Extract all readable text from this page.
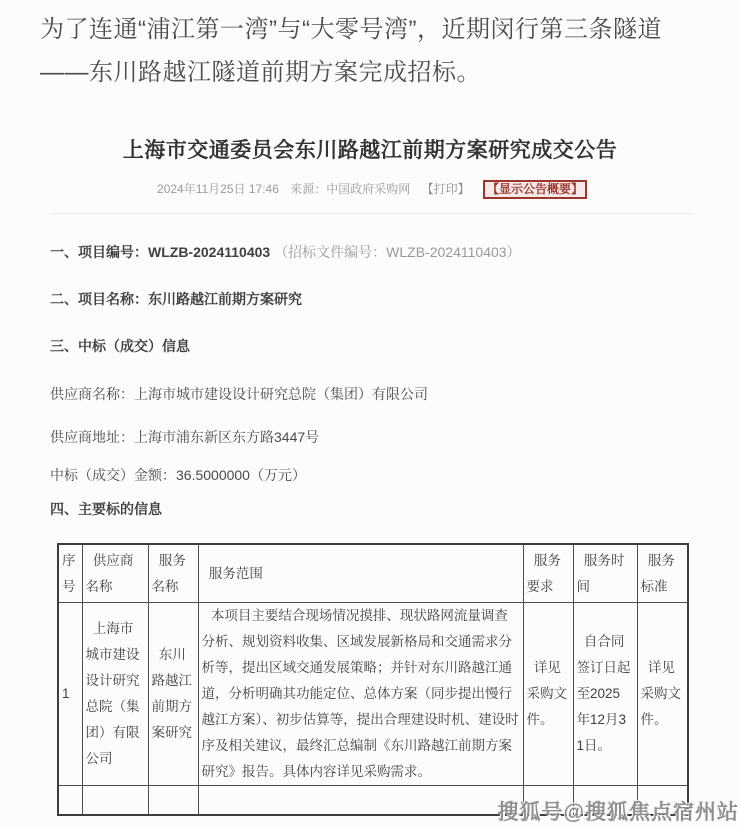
为了连通“浦江第一湾”与“大零号湾”，近期闵行第三条隧道——东川路越江隧道前期方案完成招标。
上海市交通委员会东川路越江前期方案研究成交公告
2024年11月25日 17:46 来源：中国政府采购网 【打印】 【显示公告概要】
一、项目编号：WLZB-2024110403 （招标文件编号：WLZB-2024110403）
二、项目名称：东川路越江前期方案研究
三、中标（成交）信息
供应商名称：上海市城市建设设计研究总院（集团）有限公司
供应商地址：上海市浦东新区东方路3447号
中标（成交）金额：36.5000000（万元）
四、主要标的信息
序号	供应商名称	服务名称	服务范围	服务要求	服务时间	服务标准
1	上海市城市建设设计研究总院（集团）有限公司	东川路越江前期方案研究	本项目主要结合现场情况摸排、现状路网流量调查分析、规划资料收集、区域发展新格局和交通需求分析等，提出区域交通发展策略；并针对东川路越江通道，分析明确其功能定位、总体方案（同步提出慢行越江方案）、初步估算等，提出合理建设时机、建设时序及相关建议，最终汇总编制《东川路越江前期方案研究》报告。具体内容详见采购需求。	详见采购文件。	自合同签订日起至2025年12月31日。	详见采购文件。

搜狐号@搜狐焦点宿州站
